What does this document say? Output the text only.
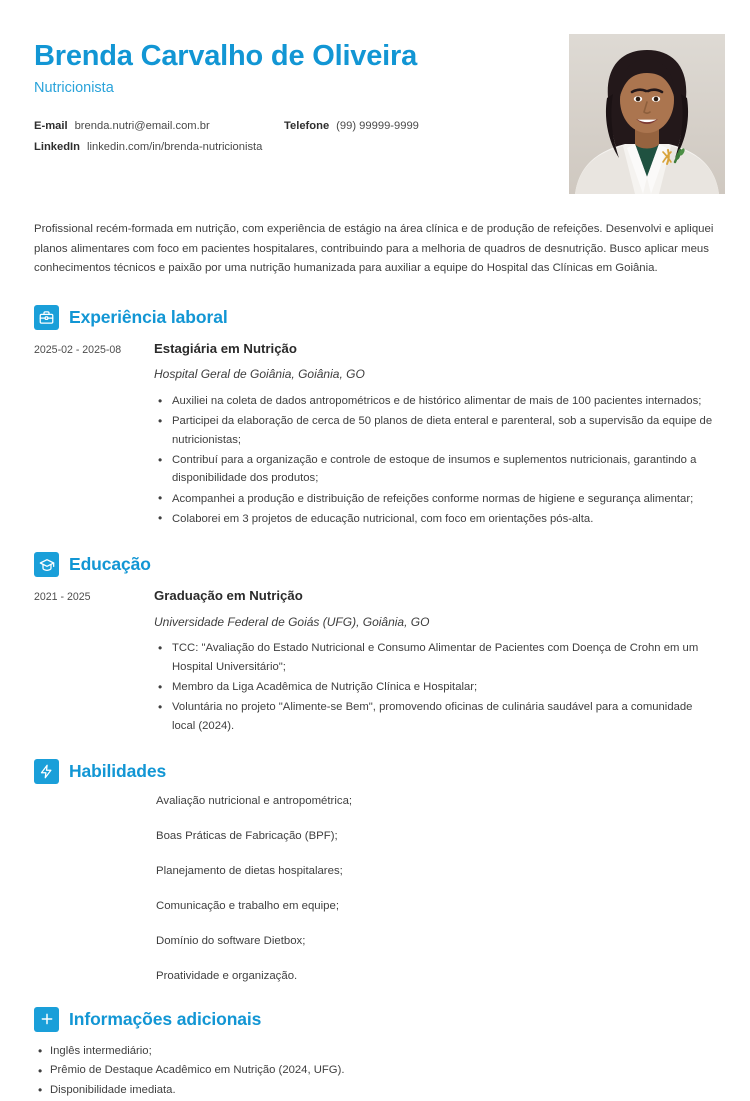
Brenda Carvalho de Oliveira
Nutricionista
E-mail brenda.nutri@email.com.br	Telefone (99) 99999-9999
LinkedIn linkedin.com/in/brenda-nutricionista

Profissional recém-formada em nutrição, com experiência de estágio na área clínica e de produção de refeições. Desenvolvi e apliquei planos alimentares com foco em pacientes hospitalares, contribuindo para a melhoria de quadros de desnutrição. Busco aplicar meus conhecimentos técnicos e paixão por uma nutrição humanizada para auxiliar a equipe do Hospital das Clínicas em Goiânia.

Experiência laboral
2025-02 - 2025-08	Estagiária em Nutrição
Hospital Geral de Goiânia, Goiânia, GO
• Auxiliei na coleta de dados antropométricos e de histórico alimentar de mais de 100 pacientes internados;
• Participei da elaboração de cerca de 50 planos de dieta enteral e parenteral, sob a supervisão da equipe de nutricionistas;
• Contribuí para a organização e controle de estoque de insumos e suplementos nutricionais, garantindo a disponibilidade dos produtos;
• Acompanhei a produção e distribuição de refeições conforme normas de higiene e segurança alimentar;
• Colaborei em 3 projetos de educação nutricional, com foco em orientações pós-alta.
Educação
2021 - 2025	Graduação em Nutrição
Universidade Federal de Goiás (UFG), Goiânia, GO
• TCC: "Avaliação do Estado Nutricional e Consumo Alimentar de Pacientes com Doença de Crohn em um Hospital Universitário";
• Membro da Liga Acadêmica de Nutrição Clínica e Hospitalar;
• Voluntária no projeto "Alimente-se Bem", promovendo oficinas de culinária saudável para a comunidade local (2024).
Habilidades
Avaliação nutricional e antropométrica;
Boas Práticas de Fabricação (BPF);
Planejamento de dietas hospitalares;
Comunicação e trabalho em equipe;
Domínio do software Dietbox;
Proatividade e organização.
Informações adicionais
• Inglês intermediário;
• Prêmio de Destaque Acadêmico em Nutrição (2024, UFG).
• Disponibilidade imediata.
